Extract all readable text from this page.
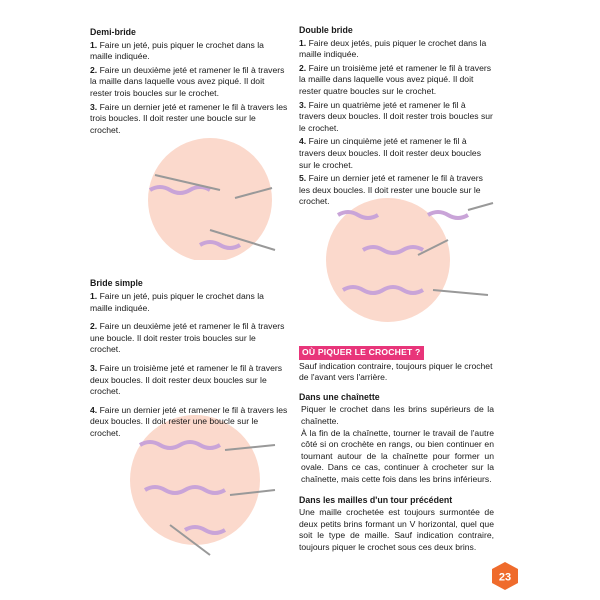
Demi-bride

1. Faire un jeté, puis piquer le crochet dans la maille indiquée.

2. Faire un deuxième jeté et ramener le fil à travers la maille dans laquelle vous avez piqué. Il doit rester trois boucles sur le crochet.

3. Faire un dernier jeté et ramener le fil à travers les trois boucles. Il doit rester une boucle sur le crochet.

Bride simple

1. Faire un jeté, puis piquer le crochet dans la maille indiquée.

2. Faire un deuxième jeté et ramener le fil à travers une boucle. Il doit rester trois boucles sur le crochet.

3. Faire un troisième jeté et ramener le fil à travers deux boucles. Il doit rester deux boucles sur le crochet.

4. Faire un dernier jeté et ramener le fil à travers les deux boucles. Il doit rester une boucle sur le crochet.

Double bride

1. Faire deux jetés, puis piquer le crochet dans la maille indiquée.

2. Faire un troisième jeté et ramener le fil à travers la maille dans laquelle vous avez piqué. Il doit rester quatre boucles sur le crochet.

3. Faire un quatrième jeté et ramener le fil à travers deux boucles. Il doit rester trois boucles sur le crochet.

4. Faire un cinquième jeté et ramener le fil à travers deux boucles. Il doit rester deux boucles sur le crochet.

5. Faire un dernier jeté et ramener le fil à travers les deux boucles. Il doit rester une boucle sur le crochet.

OÙ PIQUER LE CROCHET ?

Sauf indication contraire, toujours piquer le crochet de l'avant vers l'arrière.

Dans une chaînette

Piquer le crochet dans les brins supérieurs de la chaînette.

À la fin de la chaînette, tourner le travail de l'autre côté si on crochète en rangs, ou bien continuer en tournant autour de la chaînette pour former un ovale. Dans ce cas, continuer à crocheter sur la chaînette, mais cette fois dans les brins inférieurs.

Dans les mailles d'un tour précédent

Une maille crochetée est toujours surmontée de deux petits brins formant un V horizontal, quel que soit le type de maille. Sauf indication contraire, toujours piquer le crochet sous ces deux brins.

23
